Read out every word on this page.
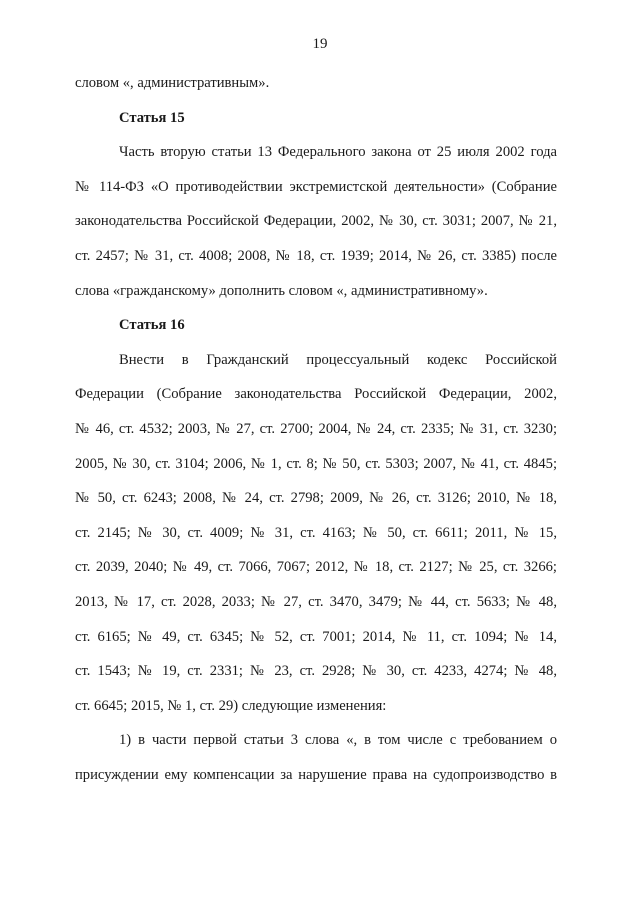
19

словом «, административным».

Статья 15

Часть вторую статьи 13 Федерального закона от 25 июля 2002 года
№ 114-ФЗ «О противодействии экстремистской деятельности» (Собрание
законодательства Российской Федерации, 2002, № 30, ст. 3031; 2007, № 21,
ст. 2457; № 31, ст. 4008; 2008, № 18, ст. 1939; 2014, № 26, ст. 3385) после
слова «гражданскому» дополнить словом «, административному».

Статья 16

Внести в Гражданский процессуальный кодекс Российской
Федерации (Собрание законодательства Российской Федерации, 2002,
№ 46, ст. 4532; 2003, № 27, ст. 2700; 2004, № 24, ст. 2335; № 31, ст. 3230;
2005, № 30, ст. 3104; 2006, № 1, ст. 8; № 50, ст. 5303; 2007, № 41, ст. 4845;
№ 50, ст. 6243; 2008, № 24, ст. 2798; 2009, № 26, ст. 3126; 2010, № 18,
ст. 2145; № 30, ст. 4009; № 31, ст. 4163; № 50, ст. 6611; 2011, № 15,
ст. 2039, 2040; № 49, ст. 7066, 7067; 2012, № 18, ст. 2127; № 25, ст. 3266;
2013, № 17, ст. 2028, 2033; № 27, ст. 3470, 3479; № 44, ст. 5633; № 48,
ст. 6165; № 49, ст. 6345; № 52, ст. 7001; 2014, № 11, ст. 1094; № 14,
ст. 1543; № 19, ст. 2331; № 23, ст. 2928; № 30, ст. 4233, 4274; № 48,
ст. 6645; 2015, № 1, ст. 29) следующие изменения:
1) в части первой статьи 3 слова «, в том числе с требованием о
присуждении ему компенсации за нарушение права на судопроизводство в
